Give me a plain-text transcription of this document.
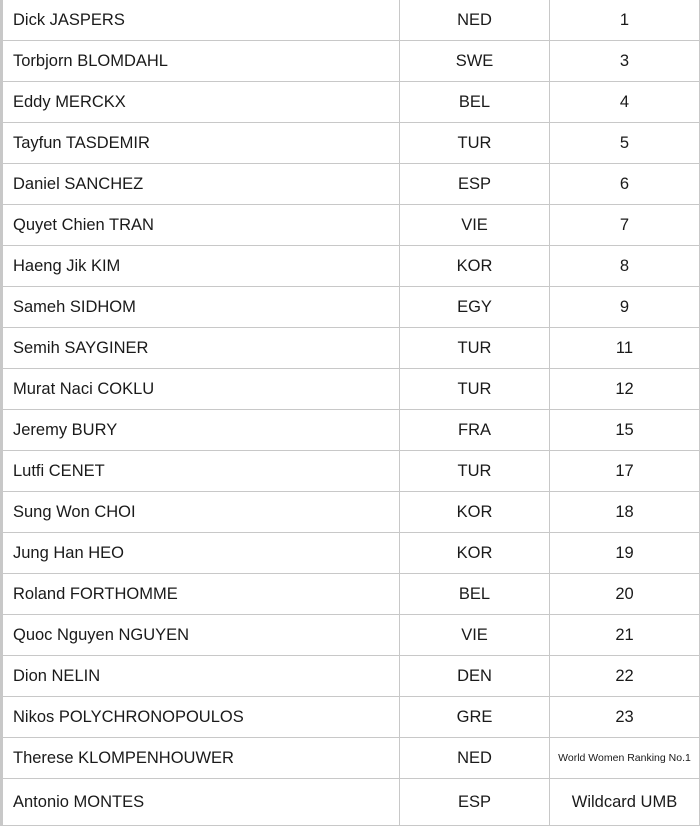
Dick JASPERS	NED	1
Torbjorn BLOMDAHL	SWE	3
Eddy MERCKX	BEL	4
Tayfun TASDEMIR	TUR	5
Daniel SANCHEZ	ESP	6
Quyet Chien TRAN	VIE	7
Haeng Jik KIM	KOR	8
Sameh SIDHOM	EGY	9
Semih SAYGINER	TUR	11
Murat Naci COKLU	TUR	12
Jeremy BURY	FRA	15
Lutfi CENET	TUR	17
Sung Won CHOI	KOR	18
Jung Han HEO	KOR	19
Roland FORTHOMME	BEL	20
Quoc Nguyen NGUYEN	VIE	21
Dion NELIN	DEN	22
Nikos POLYCHRONOPOULOS	GRE	23
Therese KLOMPENHOUWER	NED	World Women Ranking No.1
Antonio MONTES	ESP	Wildcard UMB
